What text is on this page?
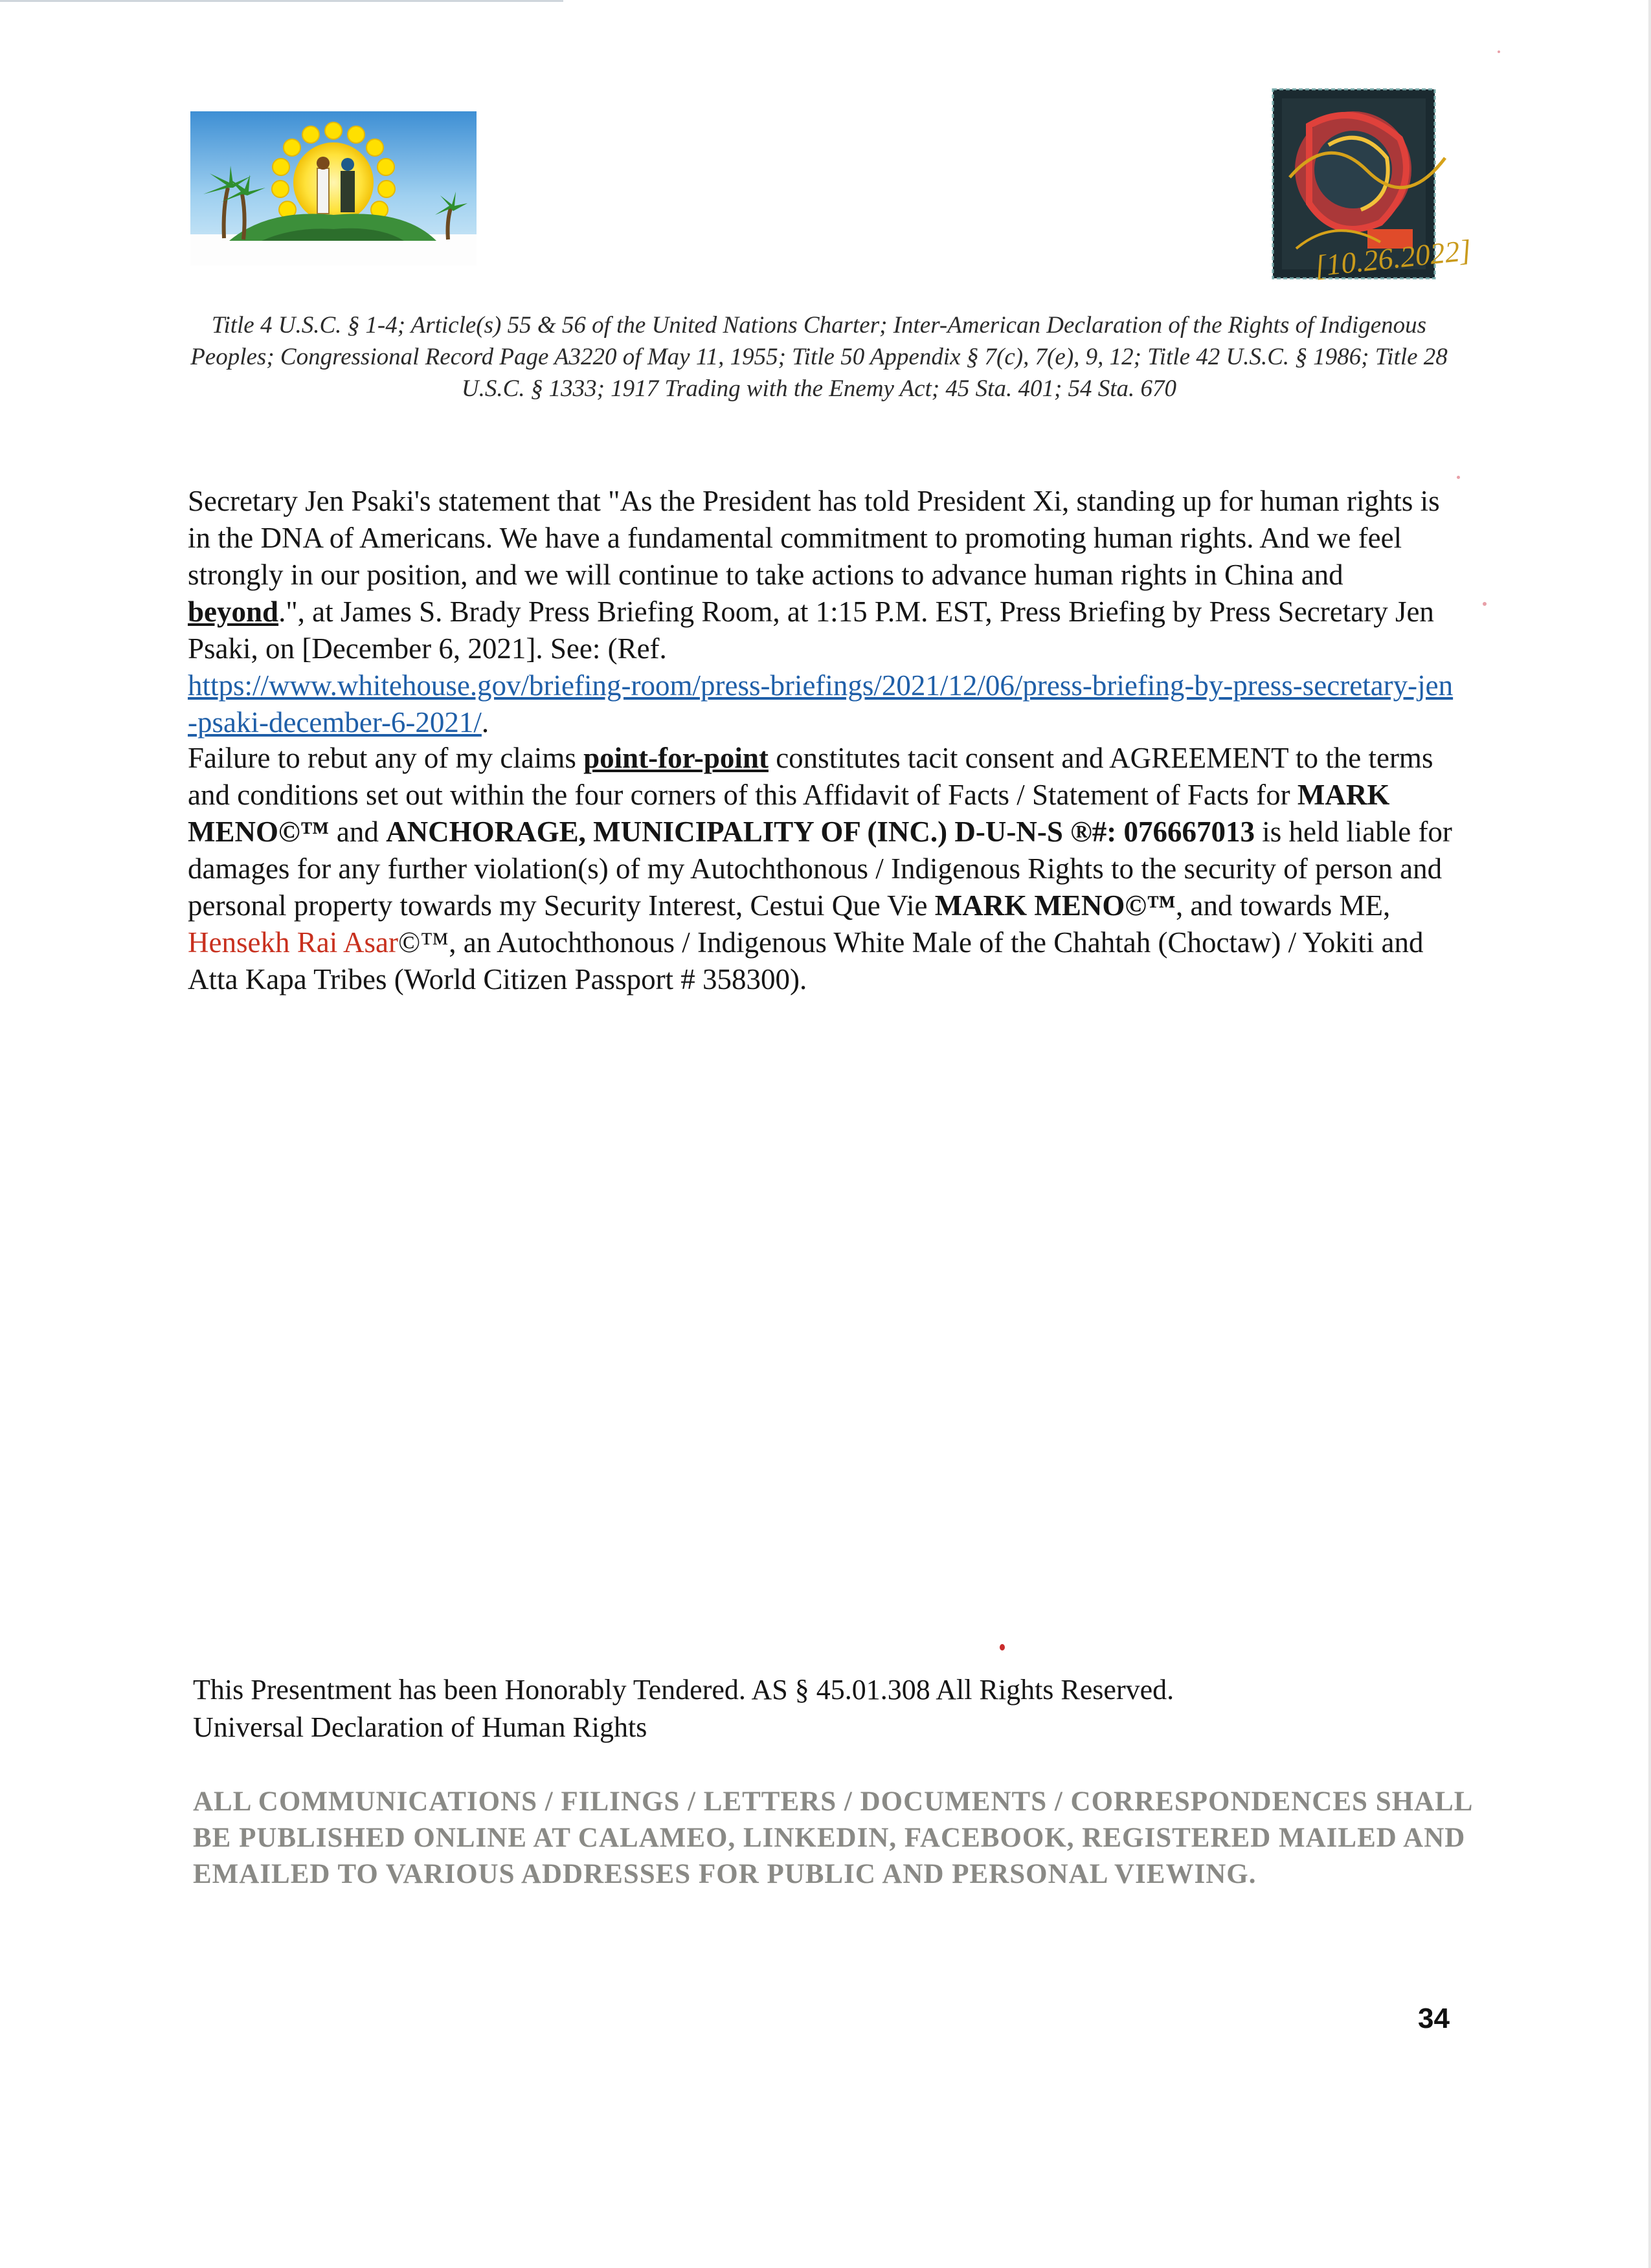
[10.26.2022]
Title 4 U.S.C. § 1-4; Article(s) 55 & 56 of the United Nations Charter; Inter-American Declaration of the Rights of Indigenous Peoples; Congressional Record Page A3220 of May 11, 1955; Title 50 Appendix § 7(c), 7(e), 9, 12; Title 42 U.S.C. § 1986; Title 28 U.S.C. § 1333; 1917 Trading with the Enemy Act; 45 Sta. 401; 54 Sta. 670
Secretary Jen Psaki's statement that "As the President has told President Xi, standing up for human rights is in the DNA of Americans. We have a fundamental commitment to promoting human rights. And we feel strongly in our position, and we will continue to take actions to advance human rights in China and beyond.", at James S. Brady Press Briefing Room, at 1:15 P.M. EST, Press Briefing by Press Secretary Jen Psaki, on [December 6, 2021]. See: (Ref.
https://www.whitehouse.gov/briefing-room/press-briefings/2021/12/06/press-briefing-by-press-secretary-jen-psaki-december-6-2021/.
Failure to rebut any of my claims point-for-point constitutes tacit consent and AGREEMENT to the terms and conditions set out within the four corners of this Affidavit of Facts / Statement of Facts for MARK MENO©™ and ANCHORAGE, MUNICIPALITY OF (INC.) D-U-N-S ®#: 076667013 is held liable for damages for any further violation(s) of my Autochthonous / Indigenous Rights to the security of person and personal property towards my Security Interest, Cestui Que Vie MARK MENO©™, and towards ME, Hensekh Rai Asar©™, an Autochthonous / Indigenous White Male of the Chahtah (Choctaw) / Yokiti and Atta Kapa Tribes (World Citizen Passport # 358300).
This Presentment has been Honorably Tendered. AS § 45.01.308 All Rights Reserved.
Universal Declaration of Human Rights
ALL COMMUNICATIONS / FILINGS / LETTERS / DOCUMENTS / CORRESPONDENCES SHALL BE PUBLISHED ONLINE AT CALAMEO, LINKEDIN, FACEBOOK, REGISTERED MAILED AND EMAILED TO VARIOUS ADDRESSES FOR PUBLIC AND PERSONAL VIEWING.
34
